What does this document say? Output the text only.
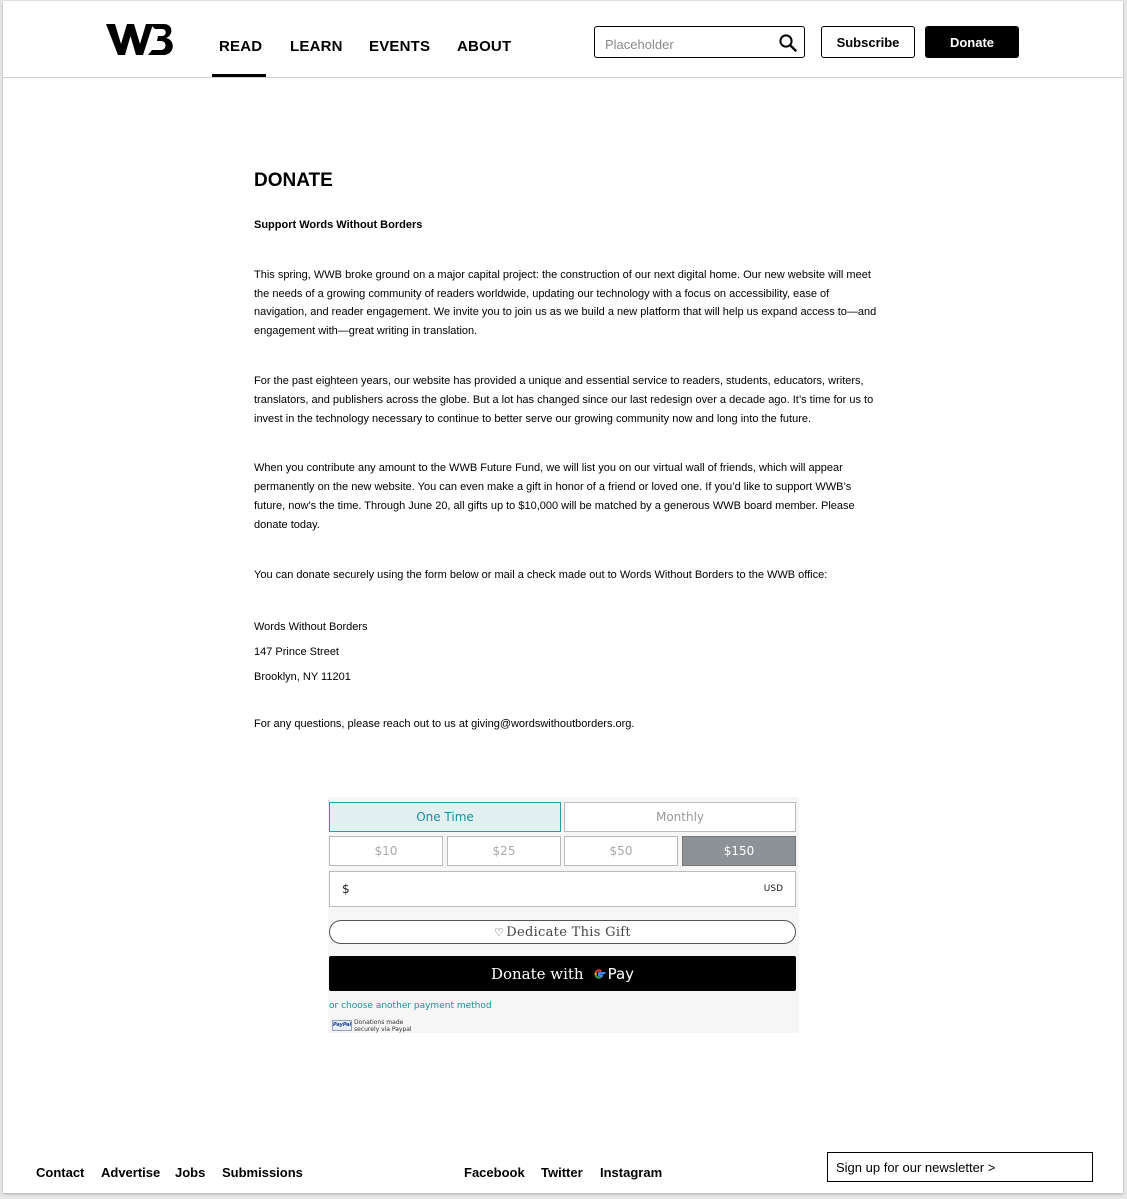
READ LEARN EVENTS ABOUT
Placeholder	Subscribe	Donate
DONATE

Support Words Without Borders

This spring, WWB broke ground on a major capital project: the construction of our next digital home. Our new website will meet the needs of a growing community of readers worldwide, updating our technology with a focus on accessibility, ease of navigation, and reader engagement. We invite you to join us as we build a new platform that will help us expand access to—and engagement with—great writing in translation.

For the past eighteen years, our website has provided a unique and essential service to readers, students, educators, writers, translators, and publishers across the globe. But a lot has changed since our last redesign over a decade ago. It’s time for us to invest in the technology necessary to continue to better serve our growing community now and long into the future.

When you contribute any amount to the WWB Future Fund, we will list you on our virtual wall of friends, which will appear permanently on the new website. You can even make a gift in honor of a friend or loved one. If you’d like to support WWB’s future, now’s the time. Through June 20, all gifts up to $10,000 will be matched by a generous WWB board member. Please donate today.

You can donate securely using the form below or mail a check made out to Words Without Borders to the WWB office:

Words Without Borders
147 Prince Street
Brooklyn, NY 11201

For any questions, please reach out to us at giving@wordswithoutborders.org.

One Time	Monthly
$10	$25	$50	$150
$	USD
♡ Dedicate This Gift
Donate with Pay
or choose another payment method
PayPal Donations made
securely via Paypal
Contact Advertise Jobs Submissions	Facebook Twitter Instagram	Sign up for our newsletter >
